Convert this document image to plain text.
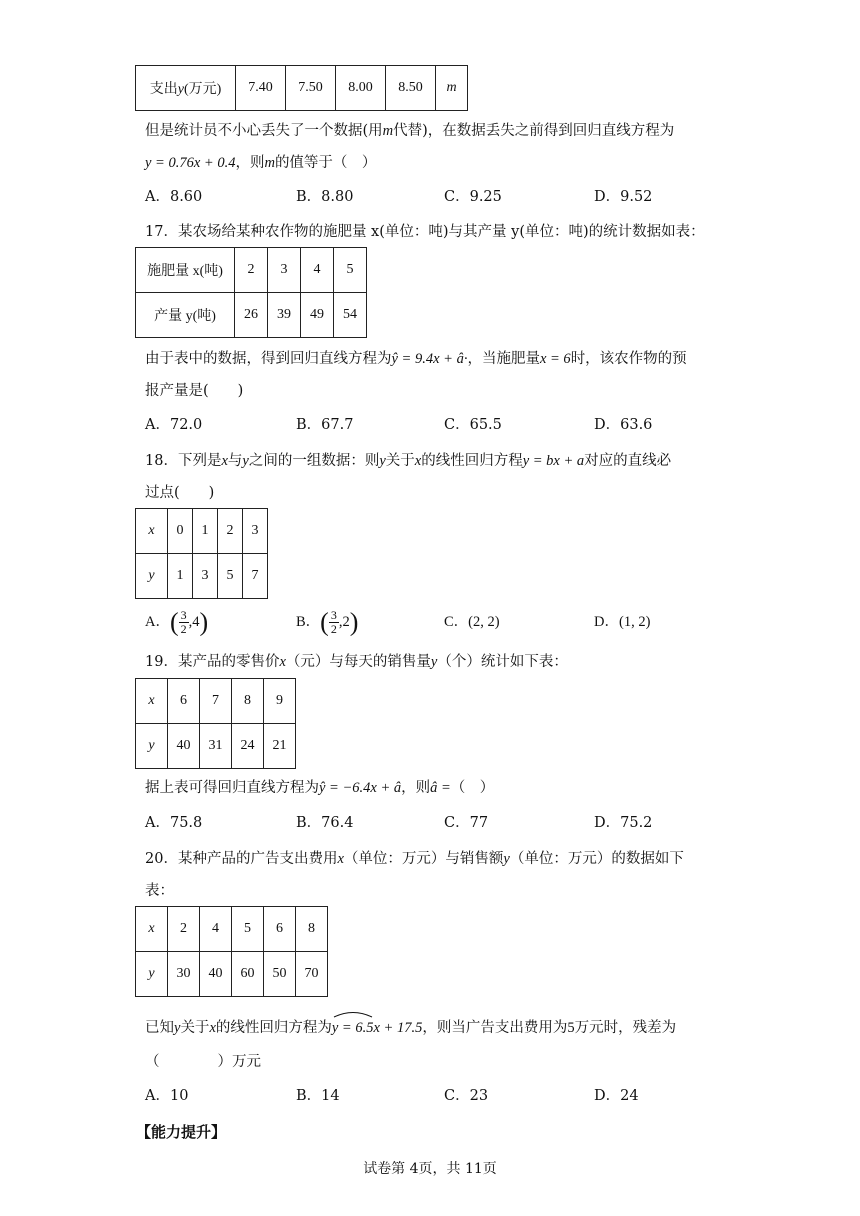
支出y(万元)	7.40	7.50	8.00	8.50	m
但是统计员不小心丢失了一个数据(用m代替)，在数据丢失之前得到回归直线方程为
y = 0.76x + 0.4，则m的值等于（　）
A．8.60	B．8.80	C．9.25	D．9.52
17．某农场给某种农作物的施肥量 x(单位：吨)与其产量 y(单位：吨)的统计数据如表：
施肥量 x(吨)	2	3	4	5
产量 y(吨)	26	39	49	54
由于表中的数据，得到回归直线方程为ŷ = 9.4x + â·，当施肥量x = 6时，该农作物的预
报产量是(　　)
A．72.0	B．67.7	C．65.5	D．63.6
18．下列是x与y之间的一组数据：则y关于x的线性回归方程y = bx + a对应的直线必
过点(　　)
x	0	1	2	3
y	1	3	5	7
A．( $\frac{3}{2} ,4$)	B．( $\frac{3}{2} ,2$)	C．(2, 2)	D．(1, 2)
19．某产品的零售价x（元）与每天的销售量y（个）统计如下表：
x	6	7	8	9
y	40	31	24	21
据上表可得回归直线方程为ŷ = −6.4x + â，则â =（　）
A．75.8	B．76.4	C．77	D．75.2
20．某种产品的广告支出费用x（单位：万元）与销售额y（单位：万元）的数据如下
表：
x	2	4	5	6	8
y	30	40	60	50	70
已知y关于x的线性回归方程为
y = 6.5x + 17.5，则当广告支出费用为5万元时，残差为
（　　　　）万元
A．10	B．14	C．23	D．24
【能力提升】
试卷第 4页，共 11页
